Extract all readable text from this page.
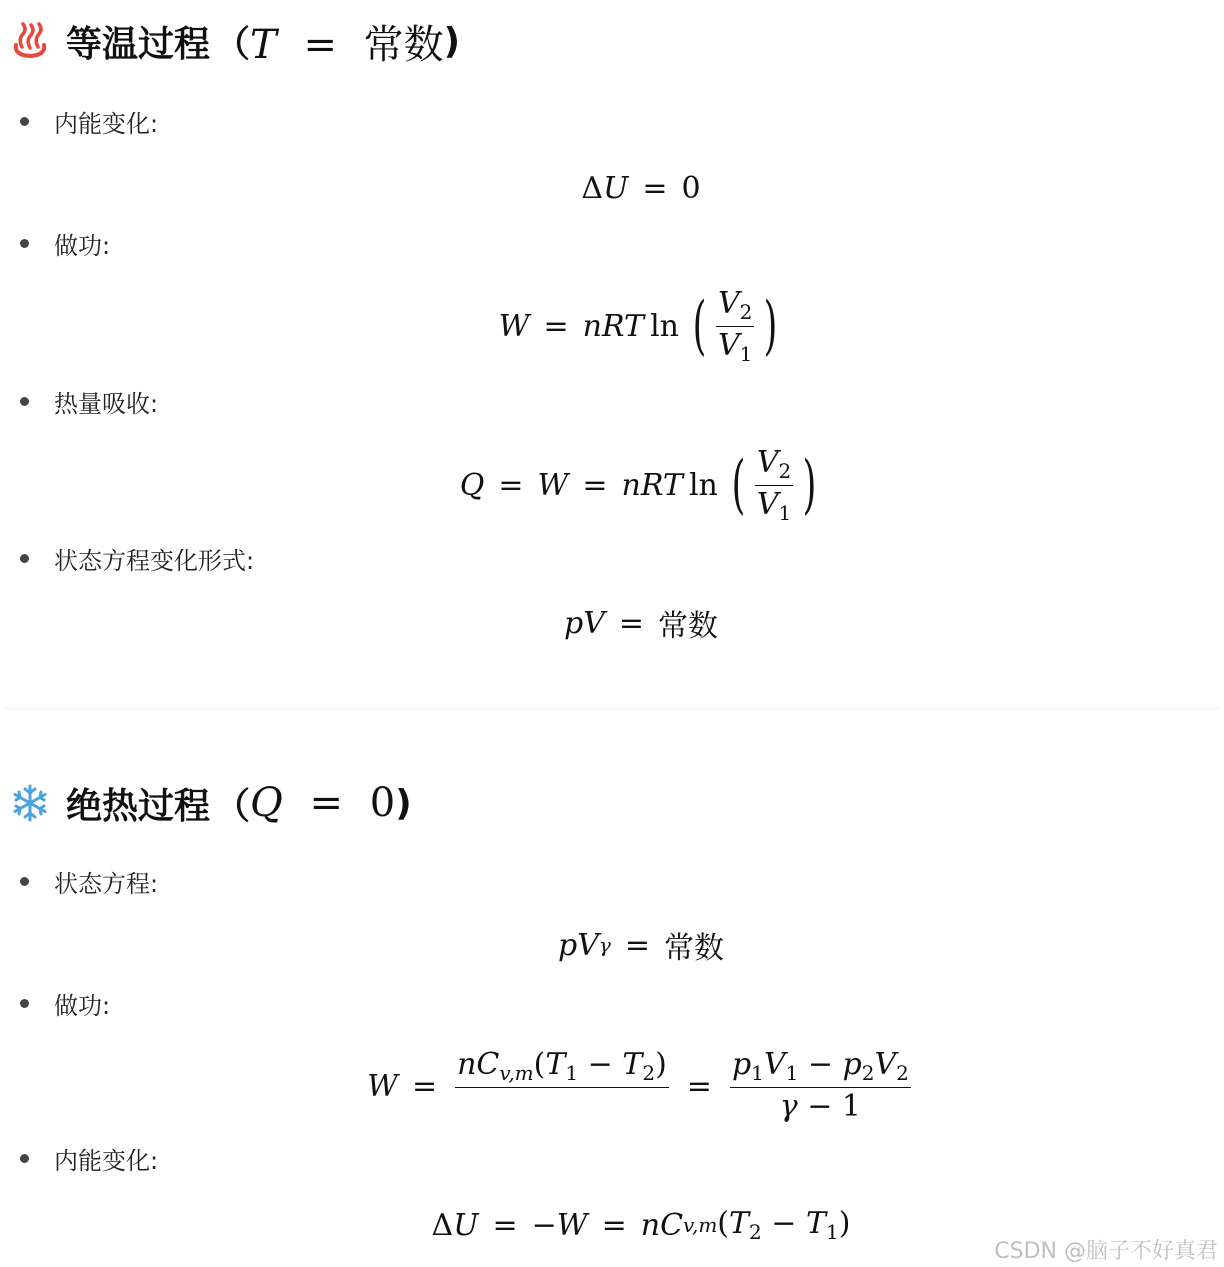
等温过程 （ T = 常数 )
内能变化:
ΔU = 0
做功:
W = nRT ln ( $\frac{V_2}{V_1}$ )
热量吸收:
Q = W = nRT ln ( $\frac{V_2}{V_1}$ )
状态方程变化形式:
pV = 常数
绝热过程 （ Q = 0 )
状态方程:
pV γ = 常数
做功:
W =
$nC_{v,m}(T_1 - T_2)$

= $\frac{p_1V_1 - p_2V_2}{\gamma - 1}$
内能变化:
ΔU = −W = nC v,m $(T_2 - T_1)$
CSDN @脑子不好真君
